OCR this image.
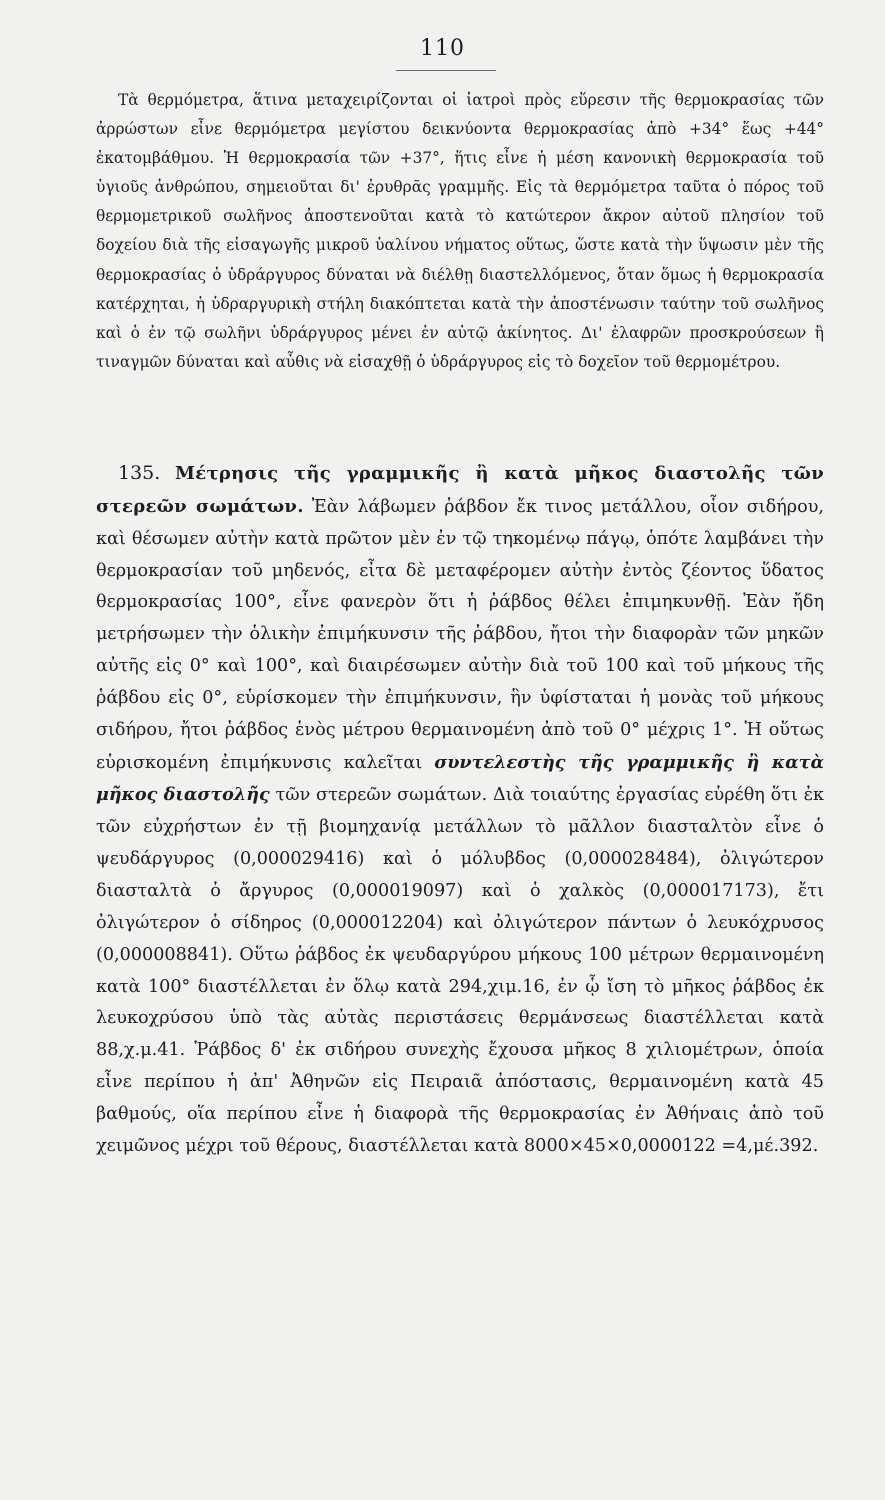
110

Τὰ θερμόμετρα, ἅτινα μεταχειρίζονται οἱ ἰατροὶ πρὸς εὕρεσιν τῆς θερμοκρασίας τῶν ἀρρώστων εἶνε θερμόμετρα μεγίστου δεικνύοντα θερμοκρασίας ἀπὸ +34° ἕως +44° ἑκατομβάθμου. Ἡ θερμοκρασία τῶν +37°, ἥτις εἶνε ἡ μέση κανονικὴ θερμοκρασία τοῦ ὑγιοῦς ἀνθρώπου, σημειοῦται δι' ἐρυθρᾶς γραμμῆς. Εἰς τὰ θερμόμετρα ταῦτα ὁ πόρος τοῦ θερμομετρικοῦ σωλῆνος ἀποστενοῦται κατὰ τὸ κατώτερον ἄκρον αὐτοῦ πλησίον τοῦ δοχείου διὰ τῆς εἰσαγωγῆς μικροῦ ὑαλίνου νήματος οὕτως, ὥστε κατὰ τὴν ὕψωσιν μὲν τῆς θερμοκρασίας ὁ ὑδράργυρος δύναται νὰ διέλθῃ διαστελλόμενος, ὅταν ὅμως ἡ θερμοκρασία κατέρχηται, ἡ ὑδραργυρικὴ στήλη διακόπτεται κατὰ τὴν ἀποστένωσιν ταύτην τοῦ σωλῆνος καὶ ὁ ἐν τῷ σωλῆνι ὑδράργυρος μένει ἐν αὐτῷ ἀκίνητος. Δι' ἐλαφρῶν προσκρούσεων ἢ τιναγμῶν δύναται καὶ αὖθις νὰ εἰσαχθῇ ὁ ὑδράργυρος εἰς τὸ δοχεῖον τοῦ θερμομέτρου.

135. Μέτρησις τῆς γραμμικῆς ἢ κατὰ μῆκος διαστολῆς τῶν στερεῶν σωμάτων. Ἐὰν λάβωμεν ῥάβδον ἔκ τινος μετάλλου, οἷον σιδήρου, καὶ θέσωμεν αὐτὴν κατὰ πρῶτον μὲν ἐν τῷ τηκομένῳ πάγῳ, ὁπότε λαμβάνει τὴν θερμοκρασίαν τοῦ μηδενός, εἶτα δὲ μεταφέρομεν αὐτὴν ἐντὸς ζέοντος ὕδατος θερμοκρασίας 100°, εἶνε φανερὸν ὅτι ἡ ῥάβδος θέλει ἐπιμηκυνθῇ. Ἐὰν ἤδη μετρήσωμεν τὴν ὁλικὴν ἐπιμήκυνσιν τῆς ῥάβδου, ἤτοι τὴν διαφορὰν τῶν μηκῶν αὐτῆς εἰς 0° καὶ 100°, καὶ διαιρέσωμεν αὐτὴν διὰ τοῦ 100 καὶ τοῦ μήκους τῆς ῥάβδου εἰς 0°, εὑρίσκομεν τὴν ἐπιμήκυνσιν, ἣν ὑφίσταται ἡ μονὰς τοῦ μήκους σιδήρου, ἤτοι ῥάβδος ἑνὸς μέτρου θερμαινομένη ἀπὸ τοῦ 0° μέχρις 1°. Ἡ οὕτως εὑρισκομένη ἐπιμήκυνσις καλεῖται συντελεστὴς τῆς γραμμικῆς ἢ κατὰ μῆκος διαστολῆς τῶν στερεῶν σωμάτων. Διὰ τοιαύτης ἐργασίας εὑρέθη ὅτι ἐκ τῶν εὐχρήστων ἐν τῇ βιομηχανίᾳ μετάλλων τὸ μᾶλλον διασταλτὸν εἶνε ὁ ψευδάργυρος (0,000029416) καὶ ὁ μόλυβδος (0,000028484), ὀλιγώτερον διασταλτὰ ὁ ἄργυρος (0,000019097) καὶ ὁ χαλκὸς (0,000017173), ἔτι ὀλιγώτερον ὁ σίδηρος (0,000012204) καὶ ὀλιγώτερον πάντων ὁ λευκόχρυσος (0,000008841). Οὕτω ῥάβδος ἐκ ψευδαργύρου μήκους 100 μέτρων θερμαινομένη κατὰ 100° διαστέλλεται ἐν ὅλῳ κατὰ 294,χιμ.16, ἐν ᾧ ἴση τὸ μῆκος ῥάβδος ἐκ λευκοχρύσου ὑπὸ τὰς αὐτὰς περιστάσεις θερμάνσεως διαστέλλεται κατὰ 88,χ.μ.41. Ῥάβδος δ' ἐκ σιδήρου συνεχὴς ἔχουσα μῆκος 8 χιλιομέτρων, ὁποία εἶνε περίπου ἡ ἀπ' Ἀθηνῶν εἰς Πειραιᾶ ἀπόστασις, θερμαινομένη κατὰ 45 βαθμούς, οἵα περίπου εἶνε ἡ διαφορὰ τῆς θερμοκρασίας ἐν Ἀθήναις ἀπὸ τοῦ χειμῶνος μέχρι τοῦ θέρους, διαστέλλεται κατὰ 8000×45×0,0000122 =4,μέ.392.
